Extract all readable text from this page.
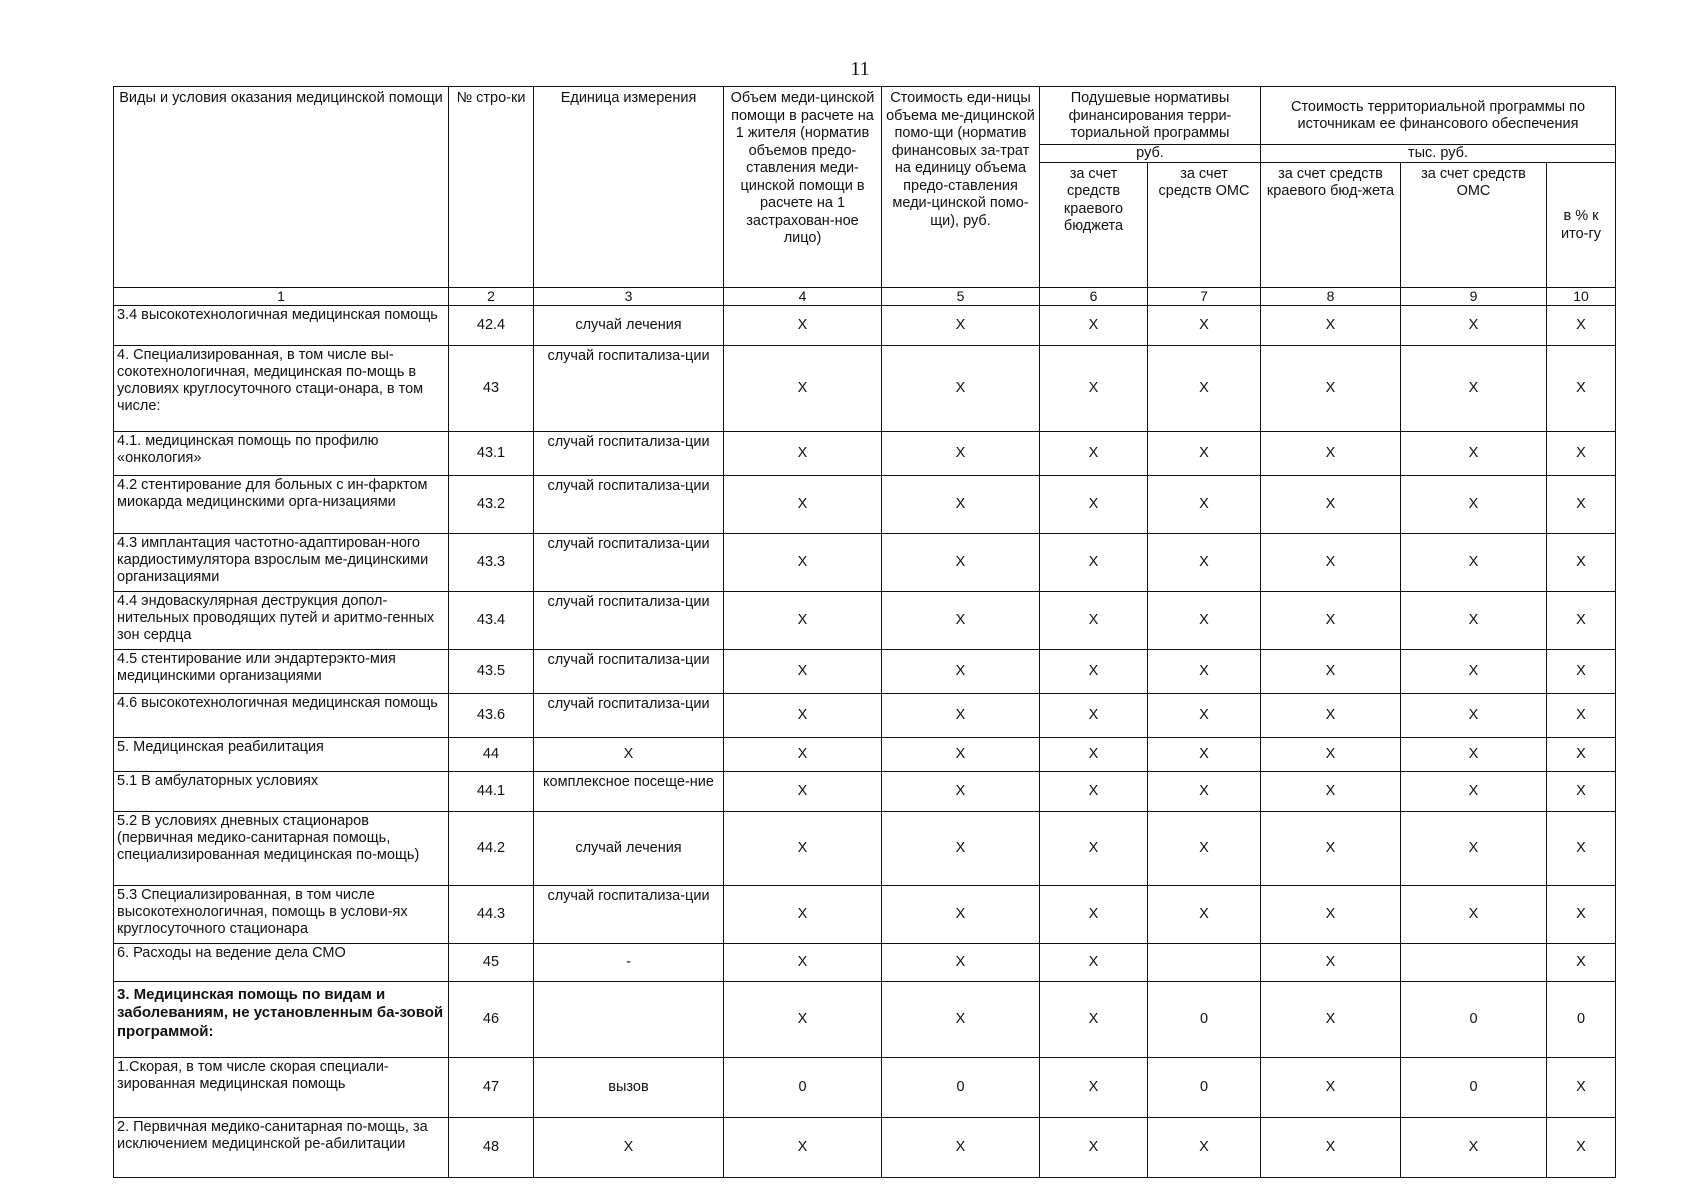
11
Виды и условия оказания медицинской помощи	№ стро-ки	Единица измерения	Объем меди-цинской помощи в расчете на 1 жителя (норматив объемов предо-ставления меди-цинской помощи в расчете на 1 застрахован-ное лицо)	Стоимость еди-ницы объема ме-дицинской помо-щи (норматив финансовых за-трат на единицу объема предо-ставления меди-цинской помо-щи), руб.	Подушевые нормативы финансирования терри-ториальной программы		Стоимость территориальной программы по источникам ее финансового обеспечения		
					руб.		тыс. руб.		
					за счет средств краевого бюджета	за счет средств ОМС	за счет средств краевого бюд-жета	за счет средств ОМС	в % к ито-гу
1	2	3	4	5	6	7	8	9	10
3.4 высокотехнологичная медицинская помощь	42.4	случай лечения	X	X	X	X	X	X	X
4. Специализированная, в том числе вы-сокотехнологичная, медицинская по-мощь в условиях круглосуточного стаци-онара, в том числе:	43	случай госпитализа-ции	X	X	X	X	X	X	X
4.1. медицинская помощь по профилю «онкология»	43.1	случай госпитализа-ции	X	X	X	X	X	X	X
4.2 стентирование для больных с ин-фарктом миокарда медицинскими орга-низациями	43.2	случай госпитализа-ции	X	X	X	X	X	X	X
4.3 имплантация частотно-адаптирован-ного кардиостимулятора взрослым ме-дицинскими организациями	43.3	случай госпитализа-ции	X	X	X	X	X	X	X
4.4 эндоваскулярная деструкция допол-нительных проводящих путей и аритмо-генных зон сердца	43.4	случай госпитализа-ции	X	X	X	X	X	X	X
4.5 стентирование или эндартерэкто-мия медицинскими организациями	43.5	случай госпитализа-ции	X	X	X	X	X	X	X
4.6 высокотехнологичная медицинская помощь	43.6	случай госпитализа-ции	X	X	X	X	X	X	X
5. Медицинская реабилитация	44	X	X	X	X	X	X	X	X
5.1 В амбулаторных условиях	44.1	комплексное посеще-ние	X	X	X	X	X	X	X
5.2 В условиях дневных стационаров (первичная медико-санитарная помощь, специализированная медицинская по-мощь)	44.2	случай лечения	X	X	X	X	X	X	X
5.3 Специализированная, в том числе высокотехнологичная, помощь в услови-ях круглосуточного стационара	44.3	случай госпитализа-ции	X	X	X	X	X	X	X
6. Расходы на ведение дела СМО	45	-	X	X	X		X		X
3. Медицинская помощь по видам и заболеваниям, не установленным ба-зовой программой:	46		X	X	X	0	X	0	0
1.Скорая, в том числе скорая специали-зированная медицинская помощь	47	вызов	0	0	X	0	X	0	X
2. Первичная медико-санитарная по-мощь, за исключением медицинской ре-абилитации	48	X	X	X	X	X	X	X	X
